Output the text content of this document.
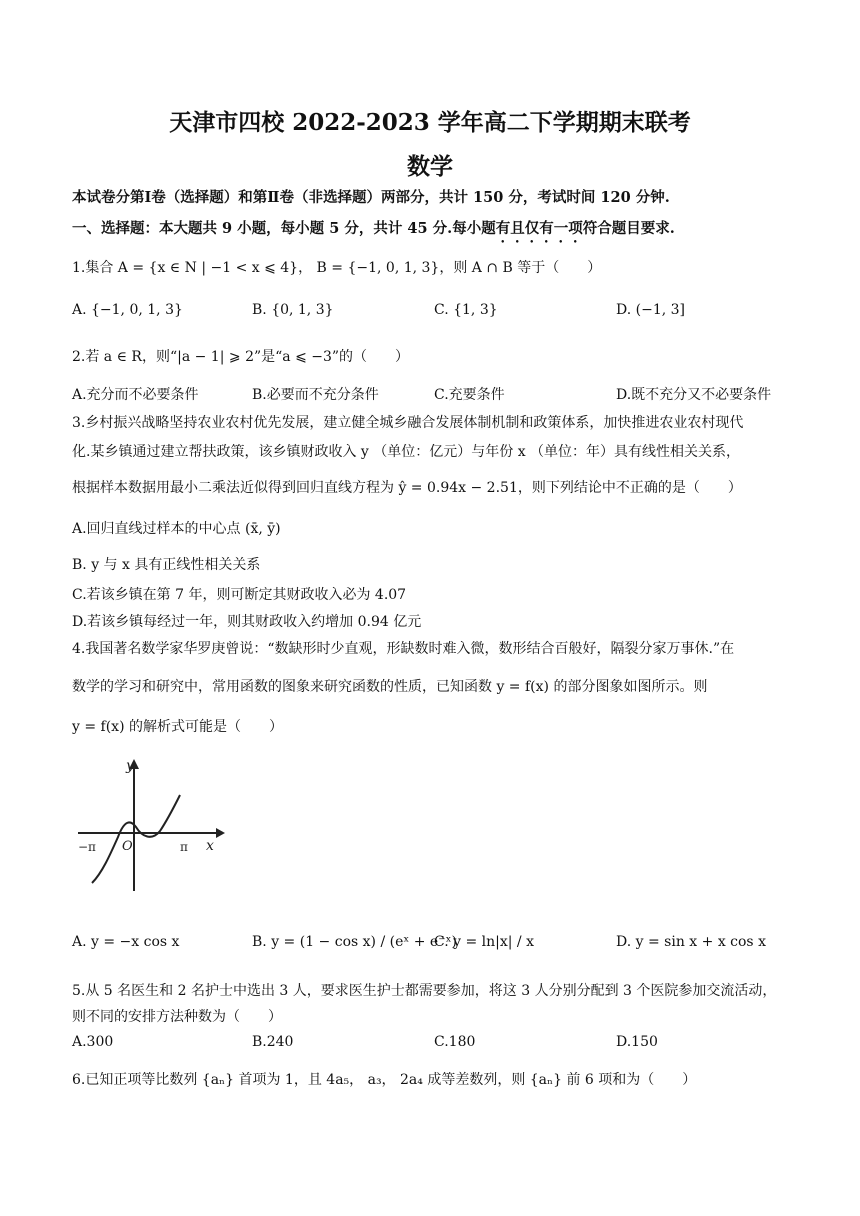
天津市四校 2022-2023 学年高二下学期期末联考
数学
本试卷分第Ⅰ卷（选择题）和第Ⅱ卷（非选择题）两部分，共计 150 分，考试时间 120 分钟.
一、选择题：本大题共 9 小题，每小题 5 分，共计 45 分.每小题有且仅有一项符合题目要求.
1.集合 A = {x ∈ N | −1 < x ⩽ 4}， B = {−1, 0, 1, 3}，则 A ∩ B 等于（　　）
A. {−1, 0, 1, 3}	B. {0, 1, 3}	C. {1, 3}	D. (−1, 3]
2.若 a ∈ R，则“|a − 1| ⩾ 2”是“a ⩽ −3”的（　　）
A.充分而不必要条件	B.必要而不充分条件	C.充要条件	D.既不充分又不必要条件
3.乡村振兴战略坚持农业农村优先发展，建立健全城乡融合发展体制机制和政策体系，加快推进农业农村现代
化.某乡镇通过建立帮扶政策，该乡镇财政收入 y （单位：亿元）与年份 x （单位：年）具有线性相关关系，
根据样本数据用最小二乘法近似得到回归直线方程为 ŷ = 0.94x − 2.51，则下列结论中不正确的是（　　）
A.回归直线过样本的中心点 (x̄, ȳ)
B. y 与 x 具有正线性相关关系
C.若该乡镇在第 7 年，则可断定其财政收入必为 4.07
D.若该乡镇每经过一年，则其财政收入约增加 0.94 亿元
4.我国著名数学家华罗庚曾说：“数缺形时少直观，形缺数时难入微，数形结合百般好，隔裂分家万事休.”在
数学的学习和研究中，常用函数的图象来研究函数的性质，已知函数 y = f(x) 的部分图象如图所示。则
y = f(x) 的解析式可能是（　　）
y
O
−π	π x
A. y = −x cos x	B. y = (1 − cos x) / (eˣ + e⁻ˣ)
C. y = ln|x| / x	D. y = sin x + x cos x
5.从 5 名医生和 2 名护士中选出 3 人，要求医生护士都需要参加，将这 3 人分别分配到 3 个医院参加交流活动，
则不同的安排方法种数为（　　）
A.300	B.240	C.180	D.150
6.已知正项等比数列 {aₙ} 首项为 1，且 4a₅， a₃， 2a₄ 成等差数列，则 {aₙ} 前 6 项和为（　　）
